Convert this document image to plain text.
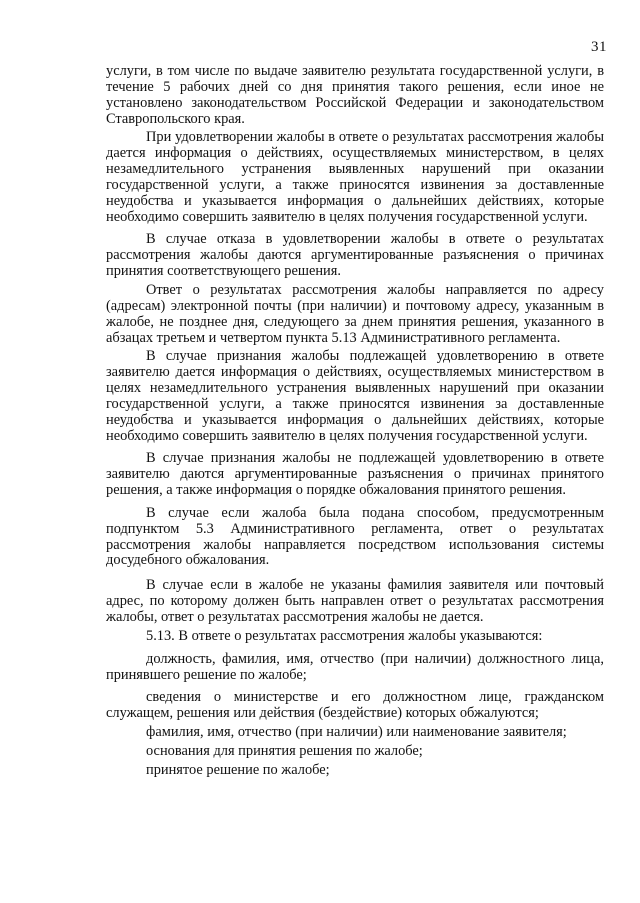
31

услуги, в том числе по выдаче заявителю результата государственной услуги, в течение 5 рабочих дней со дня принятия такого решения, если иное не установлено законодательством Российской Федерации и законодательством Ставропольского края.

При удовлетворении жалобы в ответе о результатах рассмотрения жалобы дается информация о действиях, осуществляемых министерством, в целях незамедлительного устранения выявленных нарушений при оказании государственной услуги, а также приносятся извинения за доставленные неудобства и указывается информация о дальнейших действиях, которые необходимо совершить заявителю в целях получения государственной услуги.

В случае отказа в удовлетворении жалобы в ответе о результатах рассмотрения жалобы даются аргументированные разъяснения о причинах принятия соответствующего решения.

Ответ о результатах рассмотрения жалобы направляется по адресу (адресам) электронной почты (при наличии) и почтовому адресу, указанным в жалобе, не позднее дня, следующего за днем принятия решения, указанного в абзацах третьем и четвертом пункта 5.13 Административного регламента.

В случае признания жалобы подлежащей удовлетворению в ответе заявителю дается информация о действиях, осуществляемых министерством в целях незамедлительного устранения выявленных нарушений при оказании государственной услуги, а также приносятся извинения за доставленные неудобства и указывается информация о дальнейших действиях, которые необходимо совершить заявителю в целях получения государственной услуги.

В случае признания жалобы не подлежащей удовлетворению в ответе заявителю даются аргументированные разъяснения о причинах принятого решения, а также информация о порядке обжалования принятого решения.

В случае если жалоба была подана способом, предусмотренным подпунктом 5.3 Административного регламента, ответ о результатах рассмотрения жалобы направляется посредством использования системы досудебного обжалования.

В случае если в жалобе не указаны фамилия заявителя или почтовый адрес, по которому должен быть направлен ответ о результатах рассмотрения жалобы, ответ о результатах рассмотрения жалобы не дается.

5.13. В ответе о результатах рассмотрения жалобы указываются:

должность, фамилия, имя, отчество (при наличии) должностного лица, принявшего решение по жалобе;

сведения о министерстве и его должностном лице, гражданском служащем, решения или действия (бездействие) которых обжалуются;

фамилия, имя, отчество (при наличии) или наименование заявителя;

основания для принятия решения по жалобе;

принятое решение по жалобе;
